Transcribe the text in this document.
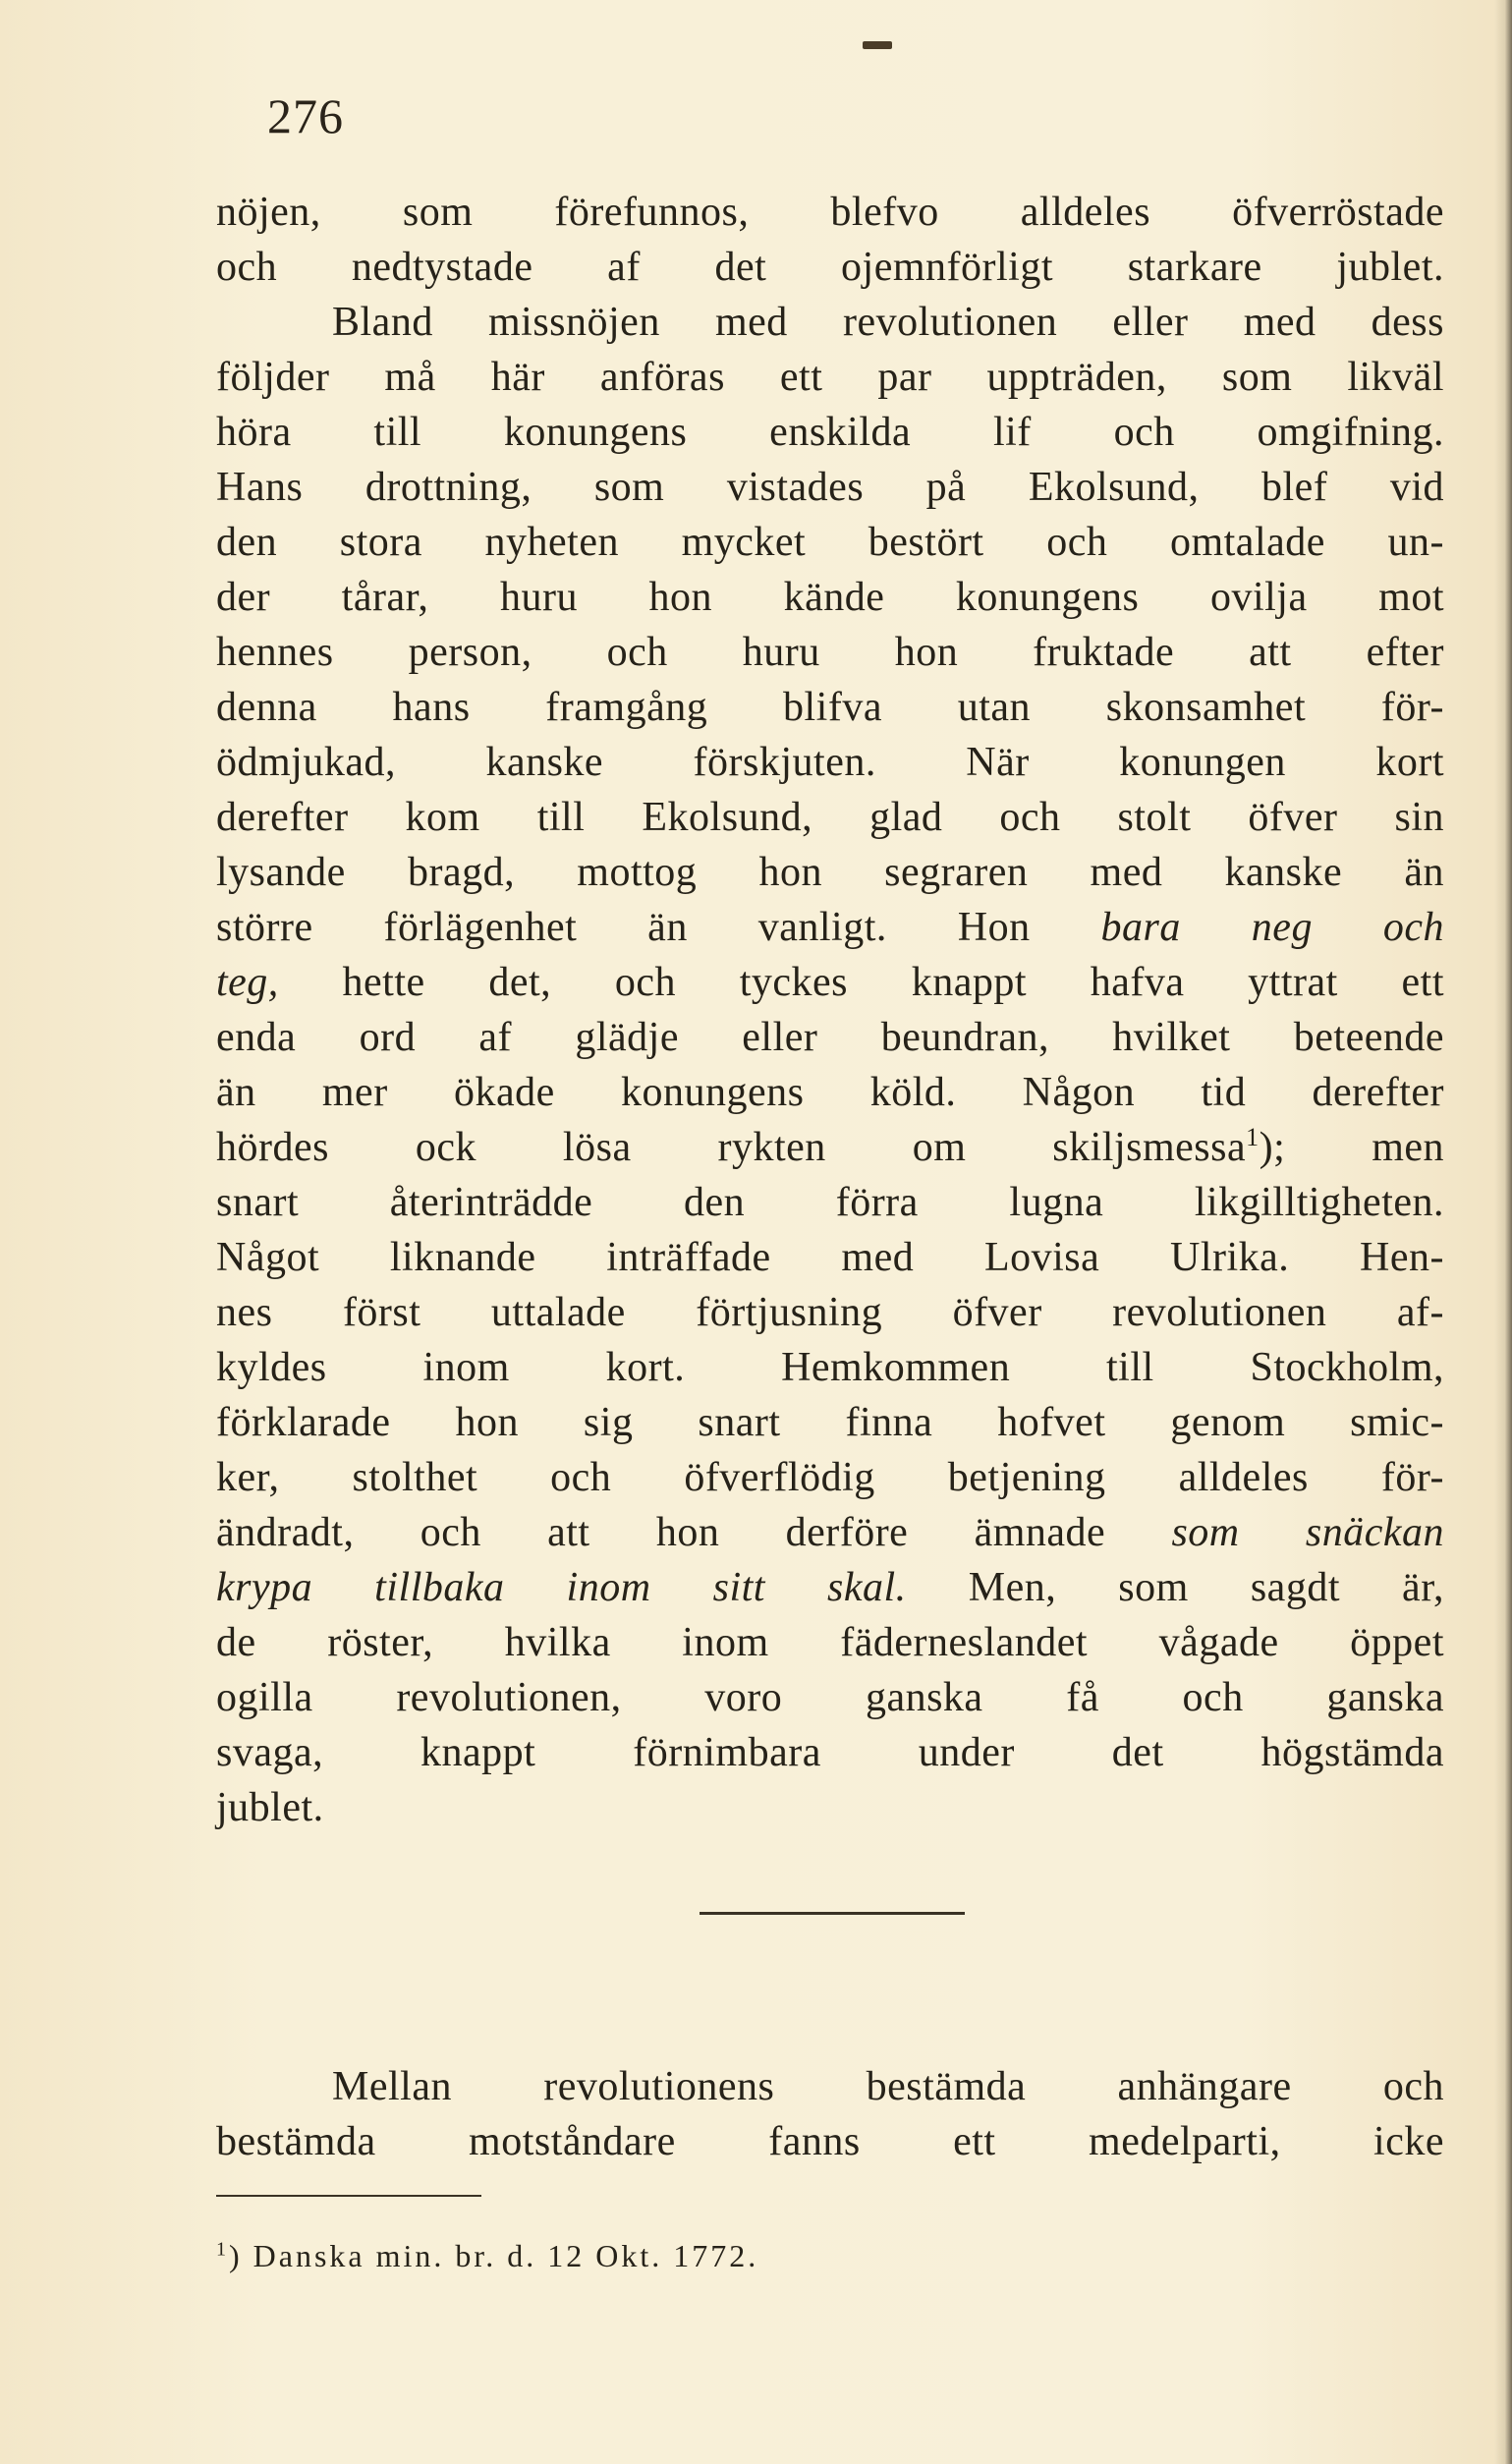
276
nöjen, som förefunnos, blefvo alldeles öfverröstade
och nedtystade af det ojemnförligt starkare jublet.
Bland missnöjen med revolutionen eller med dess
följder må här anföras ett par uppträden, som likväl
höra till konungens enskilda lif och omgifning.
Hans drottning, som vistades på Ekolsund, blef vid
den stora nyheten mycket bestört och omtalade un-
der tårar, huru hon kände konungens ovilja mot
hennes person, och huru hon fruktade att efter
denna hans framgång blifva utan skonsamhet för-
ödmjukad, kanske förskjuten. När konungen kort
derefter kom till Ekolsund, glad och stolt öfver sin
lysande bragd, mottog hon segraren med kanske än
större förlägenhet än vanligt. Hon bara neg och
teg, hette det, och tyckes knappt hafva yttrat ett
enda ord af glädje eller beundran, hvilket beteende
än mer ökade konungens köld. Någon tid derefter
hördes ock lösa rykten om skiljsmessa$^1$); men
snart återinträdde den förra lugna likgilltigheten.
Något liknande inträffade med Lovisa Ulrika. Hen-
nes först uttalade förtjusning öfver revolutionen af-
kyldes inom kort. Hemkommen till Stockholm,
förklarade hon sig snart finna hofvet genom smic-
ker, stolthet och öfverflödig betjening alldeles för-
ändradt, och att hon derföre ämnade som snäckan
krypa tillbaka inom sitt skal. Men, som sagdt är,
de röster, hvilka inom fäderneslandet vågade öppet
ogilla revolutionen, voro ganska få och ganska
svaga, knappt förnimbara under det högstämda
jublet.
Mellan revolutionens bestämda anhängare och
bestämda motståndare fanns ett medelparti, icke
$^1$) Danska min. br. d. 12 Okt. 1772.
